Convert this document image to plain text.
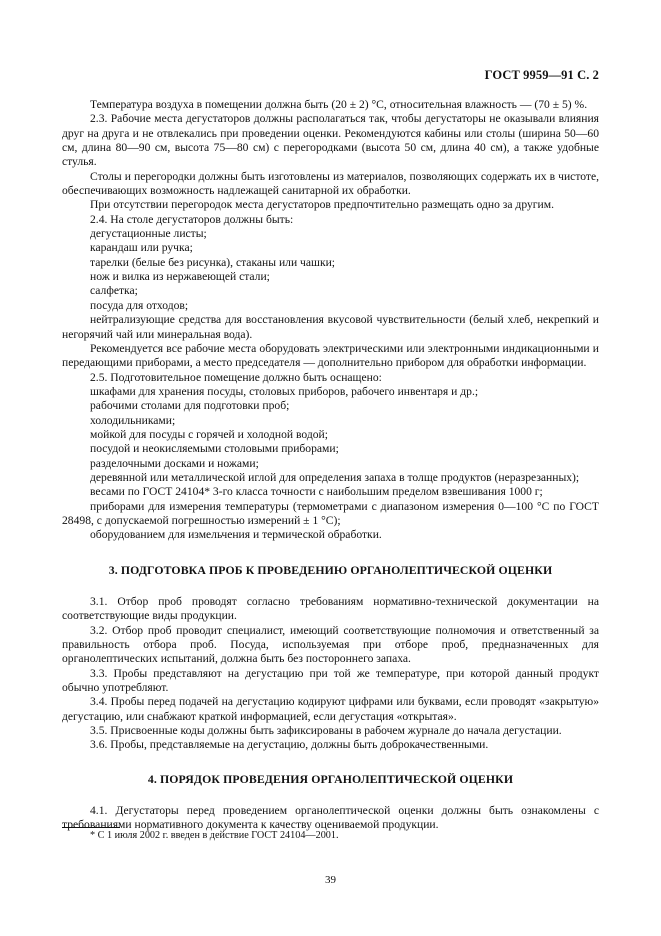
ГОСТ 9959—91 С. 2

Температура воздуха в помещении должна быть (20 ± 2) °С, относительная влажность — (70 ± 5) %.

2.3. Рабочие места дегустаторов должны располагаться так, чтобы дегустаторы не оказывали влияния друг на друга и не отвлекались при проведении оценки. Рекомендуются кабины или столы (ширина 50—60 см, длина 80—90 см, высота 75—80 см) с перегородками (высота 50 см, длина 40 см), а также удобные стулья.

Столы и перегородки должны быть изготовлены из материалов, позволяющих содержать их в чистоте, обеспечивающих возможность надлежащей санитарной их обработки.

При отсутствии перегородок места дегустаторов предпочтительно размещать одно за другим.

2.4. На столе дегустаторов должны быть:

дегустационные листы;

карандаш или ручка;

тарелки (белые без рисунка), стаканы или чашки;

нож и вилка из нержавеющей стали;

салфетка;

посуда для отходов;

нейтрализующие средства для восстановления вкусовой чувствительности (белый хлеб, некрепкий и негорячий чай или минеральная вода).

Рекомендуется все рабочие места оборудовать электрическими или электронными индикационными и передающими приборами, а место председателя — дополнительно прибором для обработки информации.

2.5. Подготовительное помещение должно быть оснащено:

шкафами для хранения посуды, столовых приборов, рабочего инвентаря и др.;

рабочими столами для подготовки проб;

холодильниками;

мойкой для посуды с горячей и холодной водой;

посудой и неокисляемыми столовыми приборами;

разделочными досками и ножами;

деревянной или металлической иглой для определения запаха в толще продуктов (неразрезанных);

весами по ГОСТ 24104* 3-го класса точности с наибольшим пределом взвешивания 1000 г;

приборами для измерения температуры (термометрами с диапазоном измерения 0—100 °С по ГОСТ 28498, с допускаемой погрешностью измерений ± 1 °С);

оборудованием для измельчения и термической обработки.

3. ПОДГОТОВКА ПРОБ К ПРОВЕДЕНИЮ ОРГАНОЛЕПТИЧЕСКОЙ ОЦЕНКИ

3.1. Отбор проб проводят согласно требованиям нормативно-технической документации на соответствующие виды продукции.

3.2. Отбор проб проводит специалист, имеющий соответствующие полномочия и ответственный за правильность отбора проб. Посуда, используемая при отборе проб, предназначенных для органолептических испытаний, должна быть без постороннего запаха.

3.3. Пробы представляют на дегустацию при той же температуре, при которой данный продукт обычно употребляют.

3.4. Пробы перед подачей на дегустацию кодируют цифрами или буквами, если проводят «закрытую» дегустацию, или снабжают краткой информацией, если дегустация «открытая».

3.5. Присвоенные коды должны быть зафиксированы в рабочем журнале до начала дегустации.

3.6. Пробы, представляемые на дегустацию, должны быть доброкачественными.

4. ПОРЯДОК ПРОВЕДЕНИЯ ОРГАНОЛЕПТИЧЕСКОЙ ОЦЕНКИ

4.1. Дегустаторы перед проведением органолептической оценки должны быть ознакомлены с требованиями нормативного документа к качеству оцениваемой продукции.

* С 1 июля 2002 г. введен в действие ГОСТ 24104—2001.
39
